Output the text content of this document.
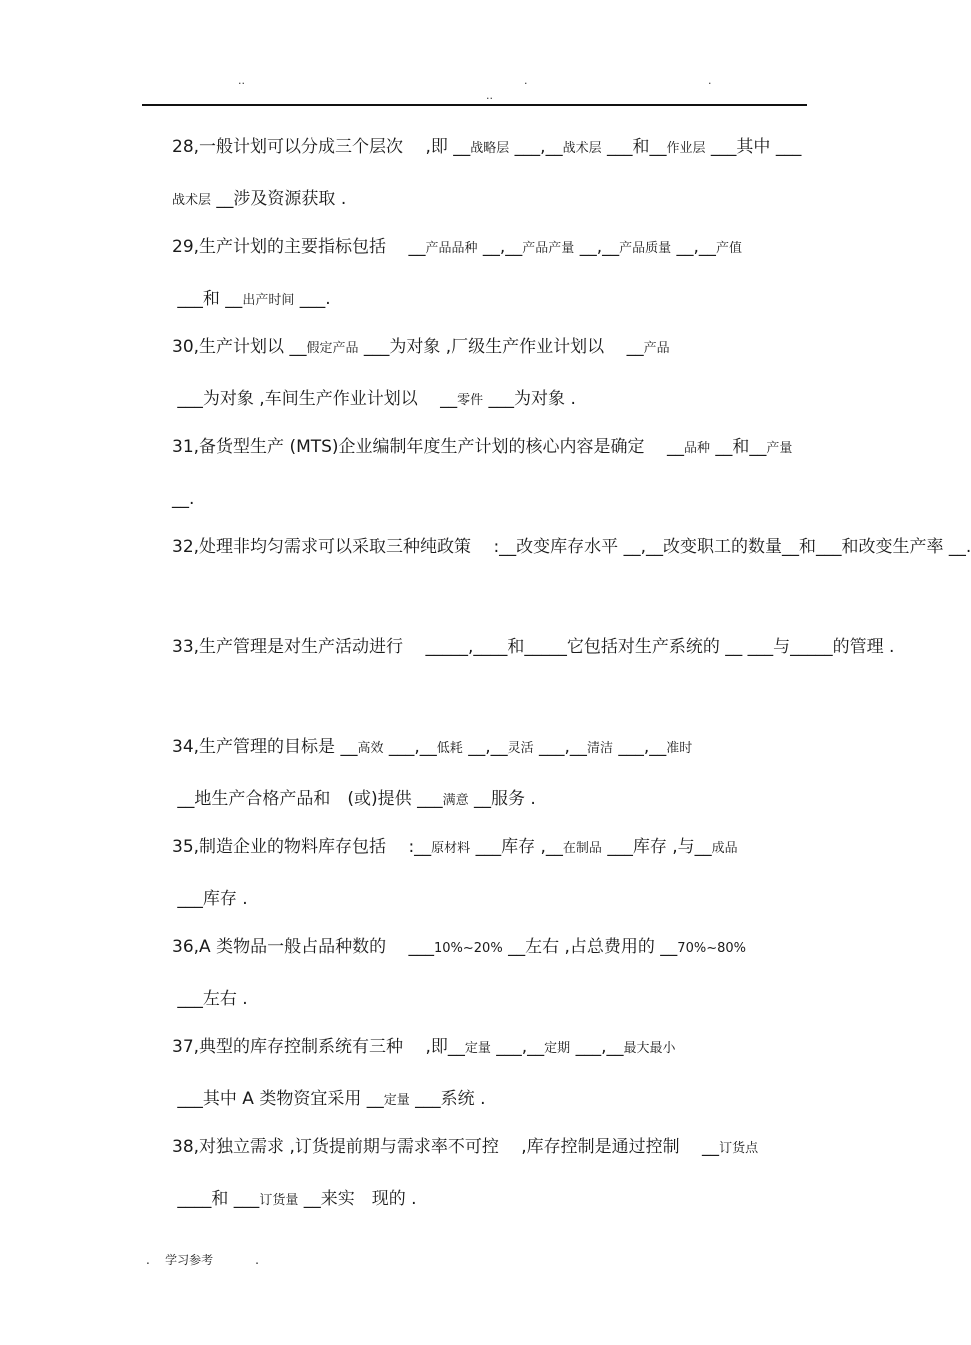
..	.	.
..
28,一般计划可以分成三个层次　 ,即 __战略层 ___,__战术层 ___和__作业层 ___其中 ___战术层 __涉及资源获取 .
29,生产计划的主要指标包括　 __产品品种 __,__产品产量 __,__产品质量 __,__产值 ___和 __出产时间 ___.
30,生产计划以 __假定产品 ___为对象 ,厂级生产作业计划以　 __产品 ___为对象 ,车间生产作业计划以　 __零件 ___为对象 .
31,备货型生产 (MTS)企业编制年度生产计划的核心内容是确定　 __品种 __和__产量__.
32,处理非均匀需求可以采取三种纯政策　 :__改变库存水平 __,__改变职工的数量__和___和改变生产率 __.
33,生产管理是对生产活动进行　 _____,____和_____它包括对生产系统的 __ ___与_____的管理 .
34,生产管理的目标是 __高效 ___,__低耗 __,__灵活 ___,__清洁 ___,__准时 __地生产合格产品和　(或)提供 ___满意 __服务 .
35,制造企业的物料库存包括　 :__原材料 ___库存 ,__在制品 ___库存 ,与__成品 ___库存 .
36,A 类物品一般占品种数的　 ___10%~20% __左右 ,占总费用的 __70%~80% ___左右 .
37,典型的库存控制系统有三种　 ,即__定量 ___,__定期 ___,__最大最小 ___其中 A 类物资宜采用 __定量 ___系统 .
38,对独立需求 ,订货提前期与需求率不可控　 ,库存控制是通过控制　 __订货点 ____和 ___订货量 __来实　现的 .
. 学习参考	.
